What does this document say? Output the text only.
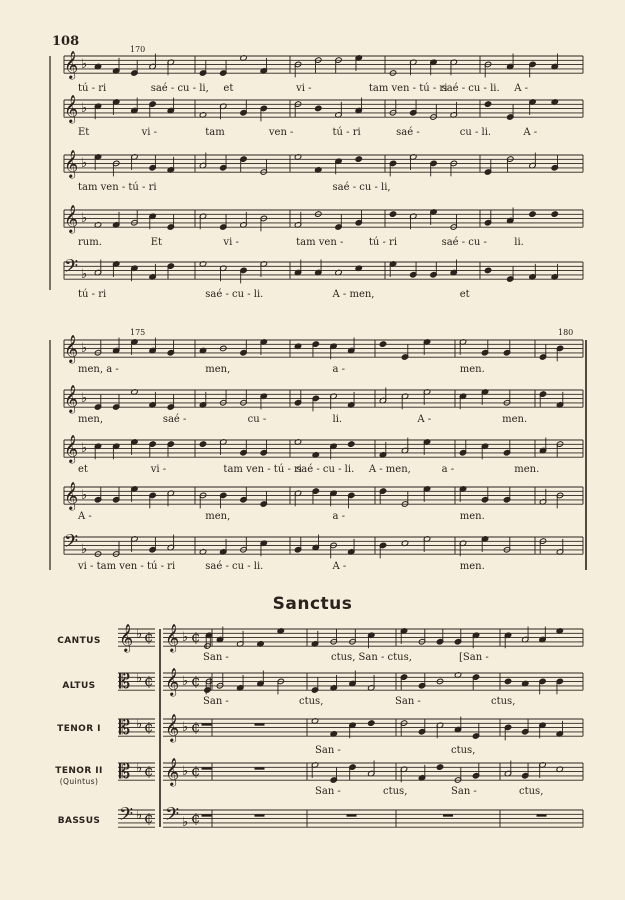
108
𝄞 ♭
tú - ri	saé - cu - li, et	vi -	tam ven - tú - ri
saé - cu - li. A -
𝄞 ♭
Et	vi -	tam	ven -	tú - ri	saé -	cu - li.	A -
𝄞 ♭
tam ven - tú - ri	saé - cu - li,
𝄞 ♭
rum.	Et	vi -	tam ven -	tú - ri	saé - cu -	li.
𝄢 ♭
tú - ri	saé - cu - li.	A - men,	et
170
𝄞 ♭
men, a -	men,	a -	men.
𝄞 ♭
men,	saé -	cu -	li.	A -	men.
𝄞 ♭
et	vi -	tam ven - tú - ri
saé - cu - li. A - men,	a -	men.
𝄞 ♭
A -	men,	a -	men.
𝄢 ♭
vi - tam ven - tú - ri	saé - cu - li.	A -	men.
175	180
𝄞 ♭ ¢ 𝄞 ♭ ¢
San -	ctus, San - ctus,	[San -
𝄡 ♭ ¢ 𝄞 ♭ ¢
San -	ctus,	San -	ctus,
𝄡 ♭ ¢ 𝄞 ♭ ¢
San -	ctus,
𝄡 ♭ ¢ 𝄞 ♭ ¢
San -	ctus,	San -	ctus,
𝄢 ♭ ¢ 𝄢 ♭ ¢
Sanctus
CANTUS
ALTUS
TENOR I
TENOR II
(Quintus)
BASSUS
